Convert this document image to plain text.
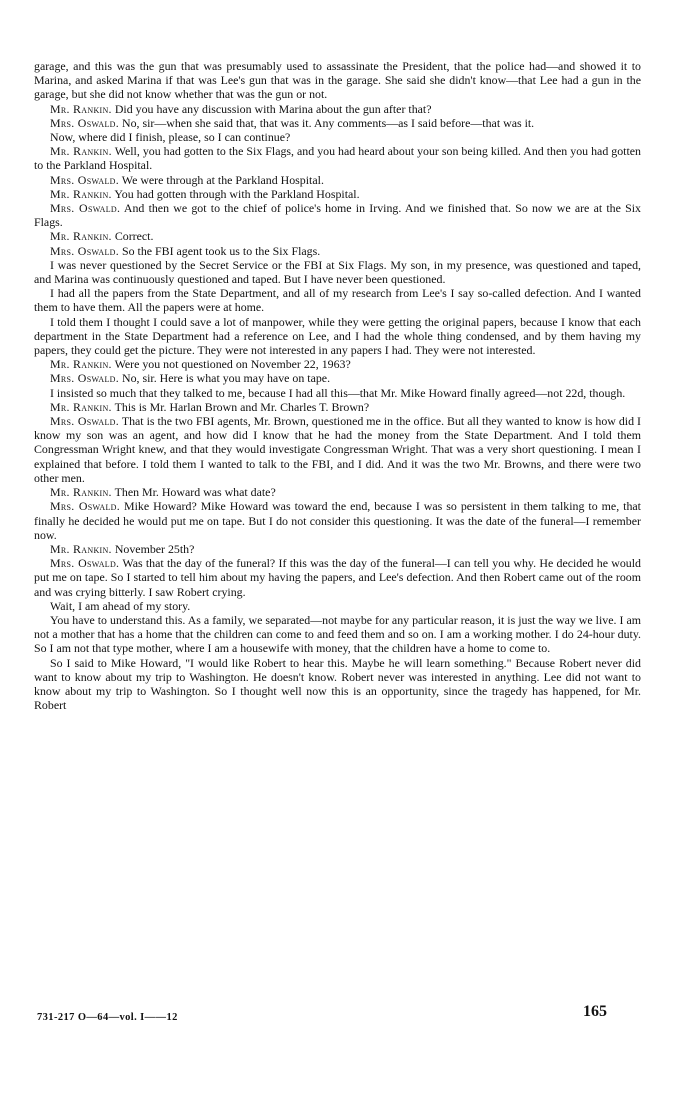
garage, and this was the gun that was presumably used to assassinate the President, that the police had—and showed it to Marina, and asked Marina if that was Lee's gun that was in the garage. She said she didn't know—that Lee had a gun in the garage, but she did not know whether that was the gun or not.

Mr. Rankin. Did you have any discussion with Marina about the gun after that?

Mrs. Oswald. No, sir—when she said that, that was it. Any comments—as I said before—that was it.

Now, where did I finish, please, so I can continue?

Mr. Rankin. Well, you had gotten to the Six Flags, and you had heard about your son being killed. And then you had gotten to the Parkland Hospital.

Mrs. Oswald. We were through at the Parkland Hospital.

Mr. Rankin. You had gotten through with the Parkland Hospital.

Mrs. Oswald. And then we got to the chief of police's home in Irving. And we finished that. So now we are at the Six Flags.

Mr. Rankin. Correct.

Mrs. Oswald. So the FBI agent took us to the Six Flags.

I was never questioned by the Secret Service or the FBI at Six Flags. My son, in my presence, was questioned and taped, and Marina was continuously questioned and taped. But I have never been questioned.

I had all the papers from the State Department, and all of my research from Lee's I say so-called defection. And I wanted them to have them. All the papers were at home.

I told them I thought I could save a lot of manpower, while they were getting the original papers, because I know that each department in the State Department had a reference on Lee, and I had the whole thing condensed, and by them having my papers, they could get the picture. They were not interested in any papers I had. They were not interested.

Mr. Rankin. Were you not questioned on November 22, 1963?

Mrs. Oswald. No, sir. Here is what you may have on tape.

I insisted so much that they talked to me, because I had all this—that Mr. Mike Howard finally agreed—not 22d, though.

Mr. Rankin. This is Mr. Harlan Brown and Mr. Charles T. Brown?

Mrs. Oswald. That is the two FBI agents, Mr. Brown, questioned me in the office. But all they wanted to know is how did I know my son was an agent, and how did I know that he had the money from the State Department. And I told them Congressman Wright knew, and that they would investigate Congressman Wright. That was a very short questioning. I mean I explained that before. I told them I wanted to talk to the FBI, and I did. And it was the two Mr. Browns, and there were two other men.

Mr. Rankin. Then Mr. Howard was what date?

Mrs. Oswald. Mike Howard? Mike Howard was toward the end, because I was so persistent in them talking to me, that finally he decided he would put me on tape. But I do not consider this questioning. It was the date of the funeral—I remember now.

Mr. Rankin. November 25th?

Mrs. Oswald. Was that the day of the funeral? If this was the day of the funeral—I can tell you why. He decided he would put me on tape. So I started to tell him about my having the papers, and Lee's defection. And then Robert came out of the room and was crying bitterly. I saw Robert crying.

Wait, I am ahead of my story.

You have to understand this. As a family, we separated—not maybe for any particular reason, it is just the way we live. I am not a mother that has a home that the children can come to and feed them and so on. I am a working mother. I do 24-hour duty. So I am not that type mother, where I am a housewife with money, that the children have a home to come to.

So I said to Mike Howard, "I would like Robert to hear this. Maybe he will learn something." Because Robert never did want to know about my trip to Washington. He doesn't know. Robert never was interested in anything. Lee did not want to know about my trip to Washington. So I thought well now this is an opportunity, since the tragedy has happened, for Mr. Robert

731-217 O—64—vol. I——12	165
